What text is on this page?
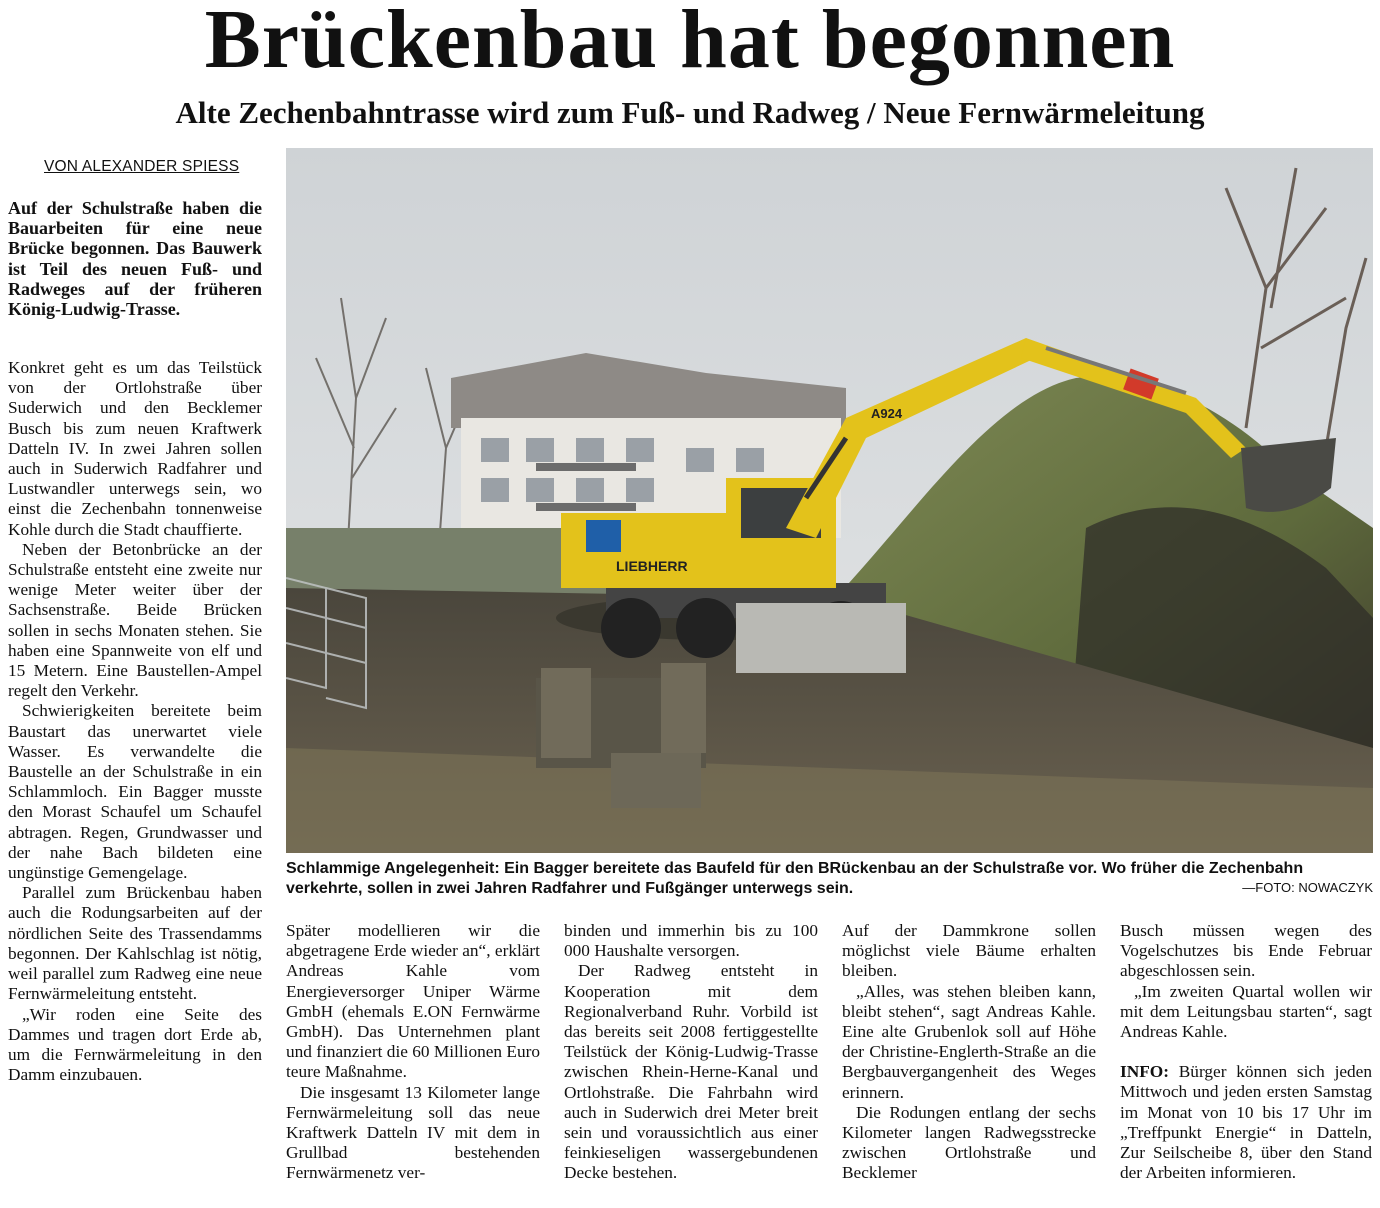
Brückenbau hat begonnen
Alte Zechenbahntrasse wird zum Fuß- und Radweg / Neue Fernwärmeleitung
VON ALEXANDER SPIESS

Auf der Schulstraße haben die Bauarbeiten für eine neue Brücke begonnen. Das Bauwerk ist Teil des neuen Fuß- und Radweges auf der früheren König-Ludwig-Trasse.

Konkret geht es um das Teilstück von der Ortlohstraße über Suderwich und den Becklemer Busch bis zum neuen Kraftwerk Datteln IV. In zwei Jahren sollen auch in Suderwich Radfahrer und Lustwandler unterwegs sein, wo einst die Zechenbahn tonnenweise Kohle durch die Stadt chauffierte.

Neben der Betonbrücke an der Schulstraße entsteht eine zweite nur wenige Meter weiter über der Sachsenstraße. Beide Brücken sollen in sechs Monaten stehen. Sie haben eine Spannweite von elf und 15 Metern. Eine Baustellen-Ampel regelt den Verkehr.

Schwierigkeiten bereitete beim Baustart das unerwartet viele Wasser. Es verwandelte die Baustelle an der Schulstraße in ein Schlammloch. Ein Bagger musste den Morast Schaufel um Schaufel abtragen. Regen, Grundwasser und der nahe Bach bildeten eine ungünstige Gemengelage.

Parallel zum Brückenbau haben auch die Rodungsarbeiten auf der nördlichen Seite des Trassendamms begonnen. Der Kahlschlag ist nötig, weil parallel zum Radweg eine neue Fernwärmeleitung entsteht.

„Wir roden eine Seite des Dammes und tragen dort Erde ab, um die Fernwärmeleitung in den Damm einzubauen.

LIEBHERR
A924
Schlammige Angelegenheit: Ein Bagger bereitete das Baufeld für den BRückenbau an der Schulstraße vor. Wo früher die Zechenbahn verkehrte, sollen in zwei Jahren Radfahrer und Fußgänger unterwegs sein.	—FOTO: NOWACZYK

Später modellieren wir die abgetragene Erde wieder an“, erklärt Andreas Kahle vom Energieversorger Uniper Wärme GmbH (ehemals E.ON Fernwärme GmbH). Das Unternehmen plant und finanziert die 60 Millionen Euro teure Maßnahme.

Die insgesamt 13 Kilometer lange Fernwärmeleitung soll das neue Kraftwerk Datteln IV mit dem in Grullbad bestehenden Fernwärmenetz ver-

binden und immerhin bis zu 100 000 Haushalte versorgen.

Der Radweg entsteht in Kooperation mit dem Regionalverband Ruhr. Vorbild ist das bereits seit 2008 fertiggestellte Teilstück der König-Ludwig-Trasse zwischen Rhein-Herne-Kanal und Ortlohstraße. Die Fahrbahn wird auch in Suderwich drei Meter breit sein und voraussichtlich aus einer feinkieseligen wassergebundenen Decke bestehen.

Auf der Dammkrone sollen möglichst viele Bäume erhalten bleiben.

„Alles, was stehen bleiben kann, bleibt stehen“, sagt Andreas Kahle. Eine alte Grubenlok soll auf Höhe der Christine-Englerth-Straße an die Bergbauvergangenheit des Weges erinnern.

Die Rodungen entlang der sechs Kilometer langen Radwegsstrecke zwischen Ortlohstraße und Becklemer

Busch müssen wegen des Vogelschutzes bis Ende Februar abgeschlossen sein.

„Im zweiten Quartal wollen wir mit dem Leitungsbau starten“, sagt Andreas Kahle.

INFO: Bürger können sich jeden Mittwoch und jeden ersten Samstag im Monat von 10 bis 17 Uhr im „Treffpunkt Energie“ in Datteln, Zur Seilscheibe 8, über den Stand der Arbeiten informieren.
